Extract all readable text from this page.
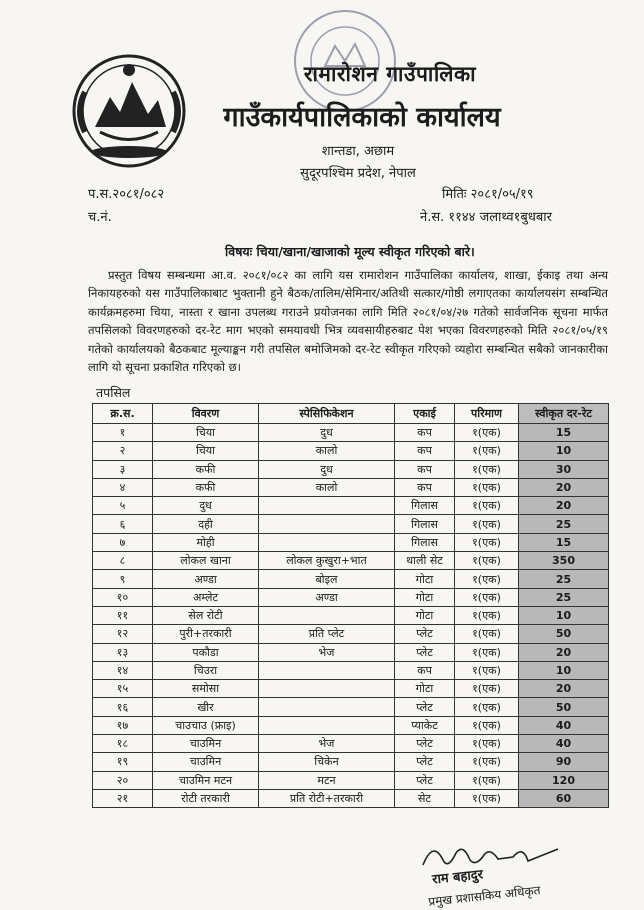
रामारोशन गाउँपालिका
गाउँकार्यपालिकाको कार्यालय
शान्तडा, अछाम
सुदूरपश्चिम प्रदेश, नेपाल
प.स.२०८१/०८२
च.नं.
मितिः २०८१/०५/१९
ने.स. ११४४ जलाथ्व१बुधबार
विषयः चिया/खाना/खाजाको मूल्य स्वीकृत गरिएको बारे।
प्रस्तुत विषय सम्बन्धमा आ.व. २०८१/०८२ का लागि यस रामारोशन गाउँपालिका कार्यालय, शाखा, ईकाइ तथा अन्य निकायहरुको यस गाउँपालिकाबाट भुक्तानी हुने बैठक/तालिम/सेमिनार/अतिथी सत्कार/गोष्ठी लगाएतका कार्यालयसंग सम्बन्धित कार्यक्रमहरुमा चिया, नास्ता र खाना उपलब्ध गराउने प्रयोजनका लागि मिति २०८१/०४/२७ गतेको सार्वजनिक सूचना मार्फत तपसिलको विवरणहरुको दर-रेट माग भएको समयावधी भित्र व्यवसायीहरुबाट पेश भएका विवरणहरुको मिति २०८१/०५/१९ गतेको कार्यालयको बैठकबाट मूल्याङ्कन गरी तपसिल बमोजिमको दर-रेट स्वीकृत गरिएको व्यहोरा सम्बन्धित सबैको जानकारीका लागि यो सूचना प्रकाशित गरिएको छ।
तपसिल
क्र.स.	विवरण	स्पेसिफिकेशन	एकाई	परिमाण	स्वीकृत दर-रेट
१	चिया	दुध	कप	१(एक)	15
२	चिया	कालो	कप	१(एक)	10
३	कफी	दुध	कप	१(एक)	30
४	कफी	कालो	कप	१(एक)	20
५	दुध		गिलास	१(एक)	20
६	दही		गिलास	१(एक)	25
७	मोही		गिलास	१(एक)	15
८	लोकल खाना	लोकल कुखुरा+भात	थाली सेट	१(एक)	350
९	अण्डा	बोइल	गोटा	१(एक)	25
१०	अम्लेट	अण्डा	गोटा	१(एक)	25
११	सेल रोटी		गोटा	१(एक)	10
१२	पुरी+तरकारी	प्रति प्लेट	प्लेट	१(एक)	50
१३	पकौडा	भेज	प्लेट	१(एक)	20
१४	चिउरा		कप	१(एक)	10
१५	समोसा		गोटा	१(एक)	20
१६	खीर		प्लेट	१(एक)	50
१७	चाउचाउ (फ्राइ)		प्याकेट	१(एक)	40
१८	चाउमिन	भेज	प्लेट	१(एक)	40
१९	चाउमिन	चिकेन	प्लेट	१(एक)	90
२०	चाउमिन मटन	मटन	प्लेट	१(एक)	120
२१	रोटी तरकारी	प्रति रोटी+तरकारी	सेट	१(एक)	60
राम बहादुर
प्रमुख प्रशासकिय अधिकृत
